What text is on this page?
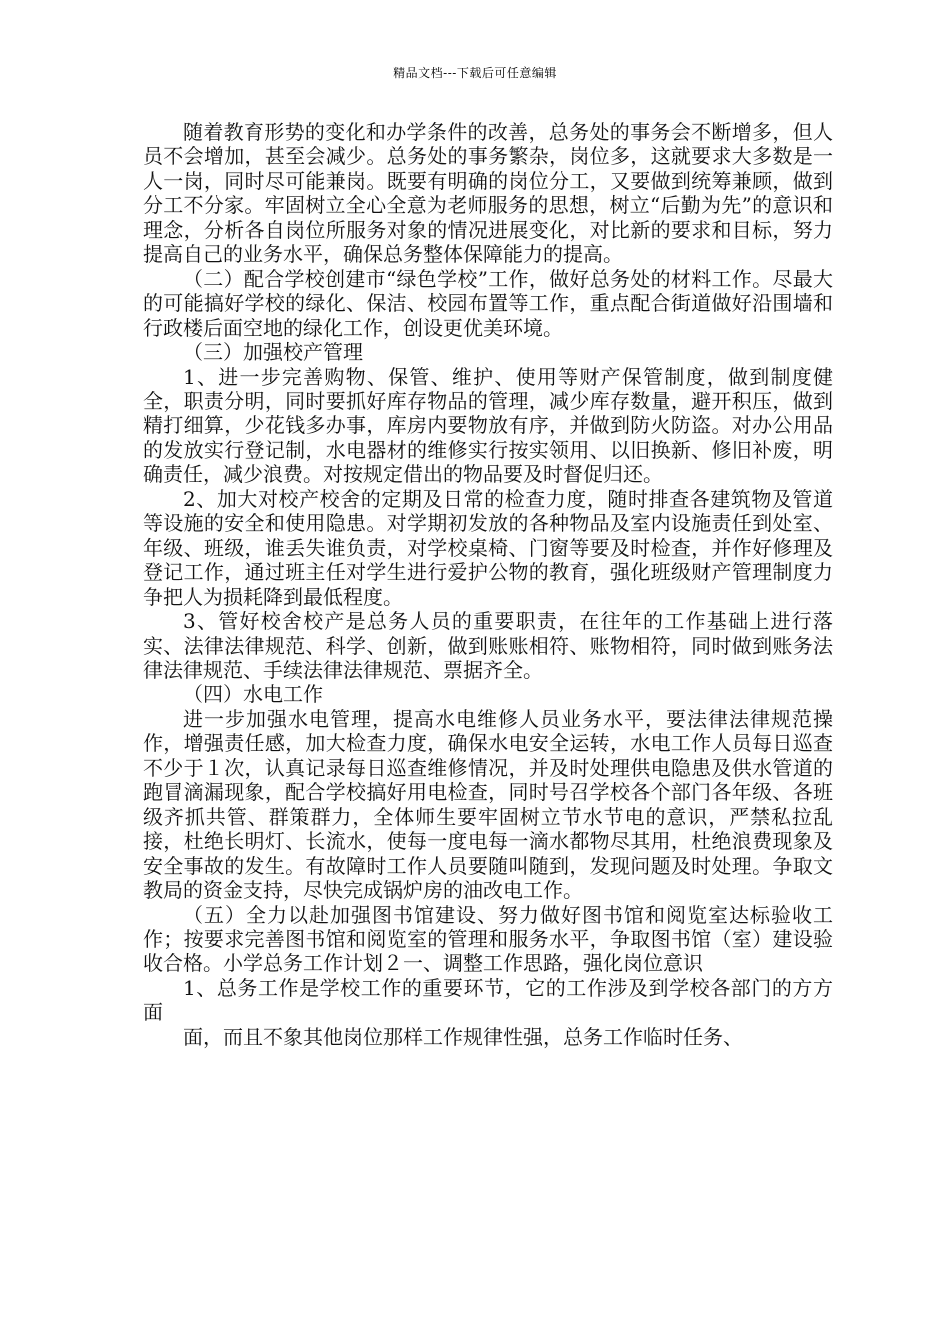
精品文档---下载后可任意编辑

随着教育形势的变化和办学条件的改善，总务处的事务会不断增多，但人员不会增加，甚至会减少。总务处的事务繁杂，岗位多，这就要求大多数是一人一岗，同时尽可能兼岗。既要有明确的岗位分工，又要做到统筹兼顾，做到分工不分家。牢固树立全心全意为老师服务的思想，树立“后勤为先”的意识和理念，分析各自岗位所服务对象的情况进展变化，对比新的要求和目标，努力提高自己的业务水平，确保总务整体保障能力的提高。

（二）配合学校创建市“绿色学校”工作，做好总务处的材料工作。尽最大的可能搞好学校的绿化、保洁、校园布置等工作，重点配合街道做好沿围墙和行政楼后面空地的绿化工作，创设更优美环境。

（三）加强校产管理

1、进一步完善购物、保管、维护、使用等财产保管制度，做到制度健全，职责分明，同时要抓好库存物品的管理，减少库存数量，避开积压，做到精打细算，少花钱多办事，库房内要物放有序，并做到防火防盗。对办公用品的发放实行登记制，水电器材的维修实行按实领用、以旧换新、修旧补废，明确责任，减少浪费。对按规定借出的物品要及时督促归还。

2、加大对校产校舍的定期及日常的检查力度，随时排查各建筑物及管道等设施的安全和使用隐患。对学期初发放的各种物品及室内设施责任到处室、年级、班级，谁丢失谁负责，对学校桌椅、门窗等要及时检查，并作好修理及登记工作，通过班主任对学生进行爱护公物的教育，强化班级财产管理制度力争把人为损耗降到最低程度。

3、管好校舍校产是总务人员的重要职责，在往年的工作基础上进行落实、法律法律规范、科学、创新，做到账账相符、账物相符，同时做到账务法律法律规范、手续法律法律规范、票据齐全。

（四）水电工作

进一步加强水电管理，提高水电维修人员业务水平，要法律法律规范操作，增强责任感，加大检查力度，确保水电安全运转，水电工作人员每日巡查不少于１次，认真记录每日巡查维修情况，并及时处理供电隐患及供水管道的跑冒滴漏现象，配合学校搞好用电检查，同时号召学校各个部门各年级、各班级齐抓共管、群策群力，全体师生要牢固树立节水节电的意识，严禁私拉乱接，杜绝长明灯、长流水，使每一度电每一滴水都物尽其用，杜绝浪费现象及安全事故的发生。有故障时工作人员要随叫随到，发现问题及时处理。争取文教局的资金支持，尽快完成锅炉房的油改电工作。

（五）全力以赴加强图书馆建设、努力做好图书馆和阅览室达标验收工作；按要求完善图书馆和阅览室的管理和服务水平，争取图书馆（室）建设验收合格。小学总务工作计划２一、调整工作思路，强化岗位意识

1、总务工作是学校工作的重要环节，它的工作涉及到学校各部门的方方面

面，而且不象其他岗位那样工作规律性强，总务工作临时任务、
